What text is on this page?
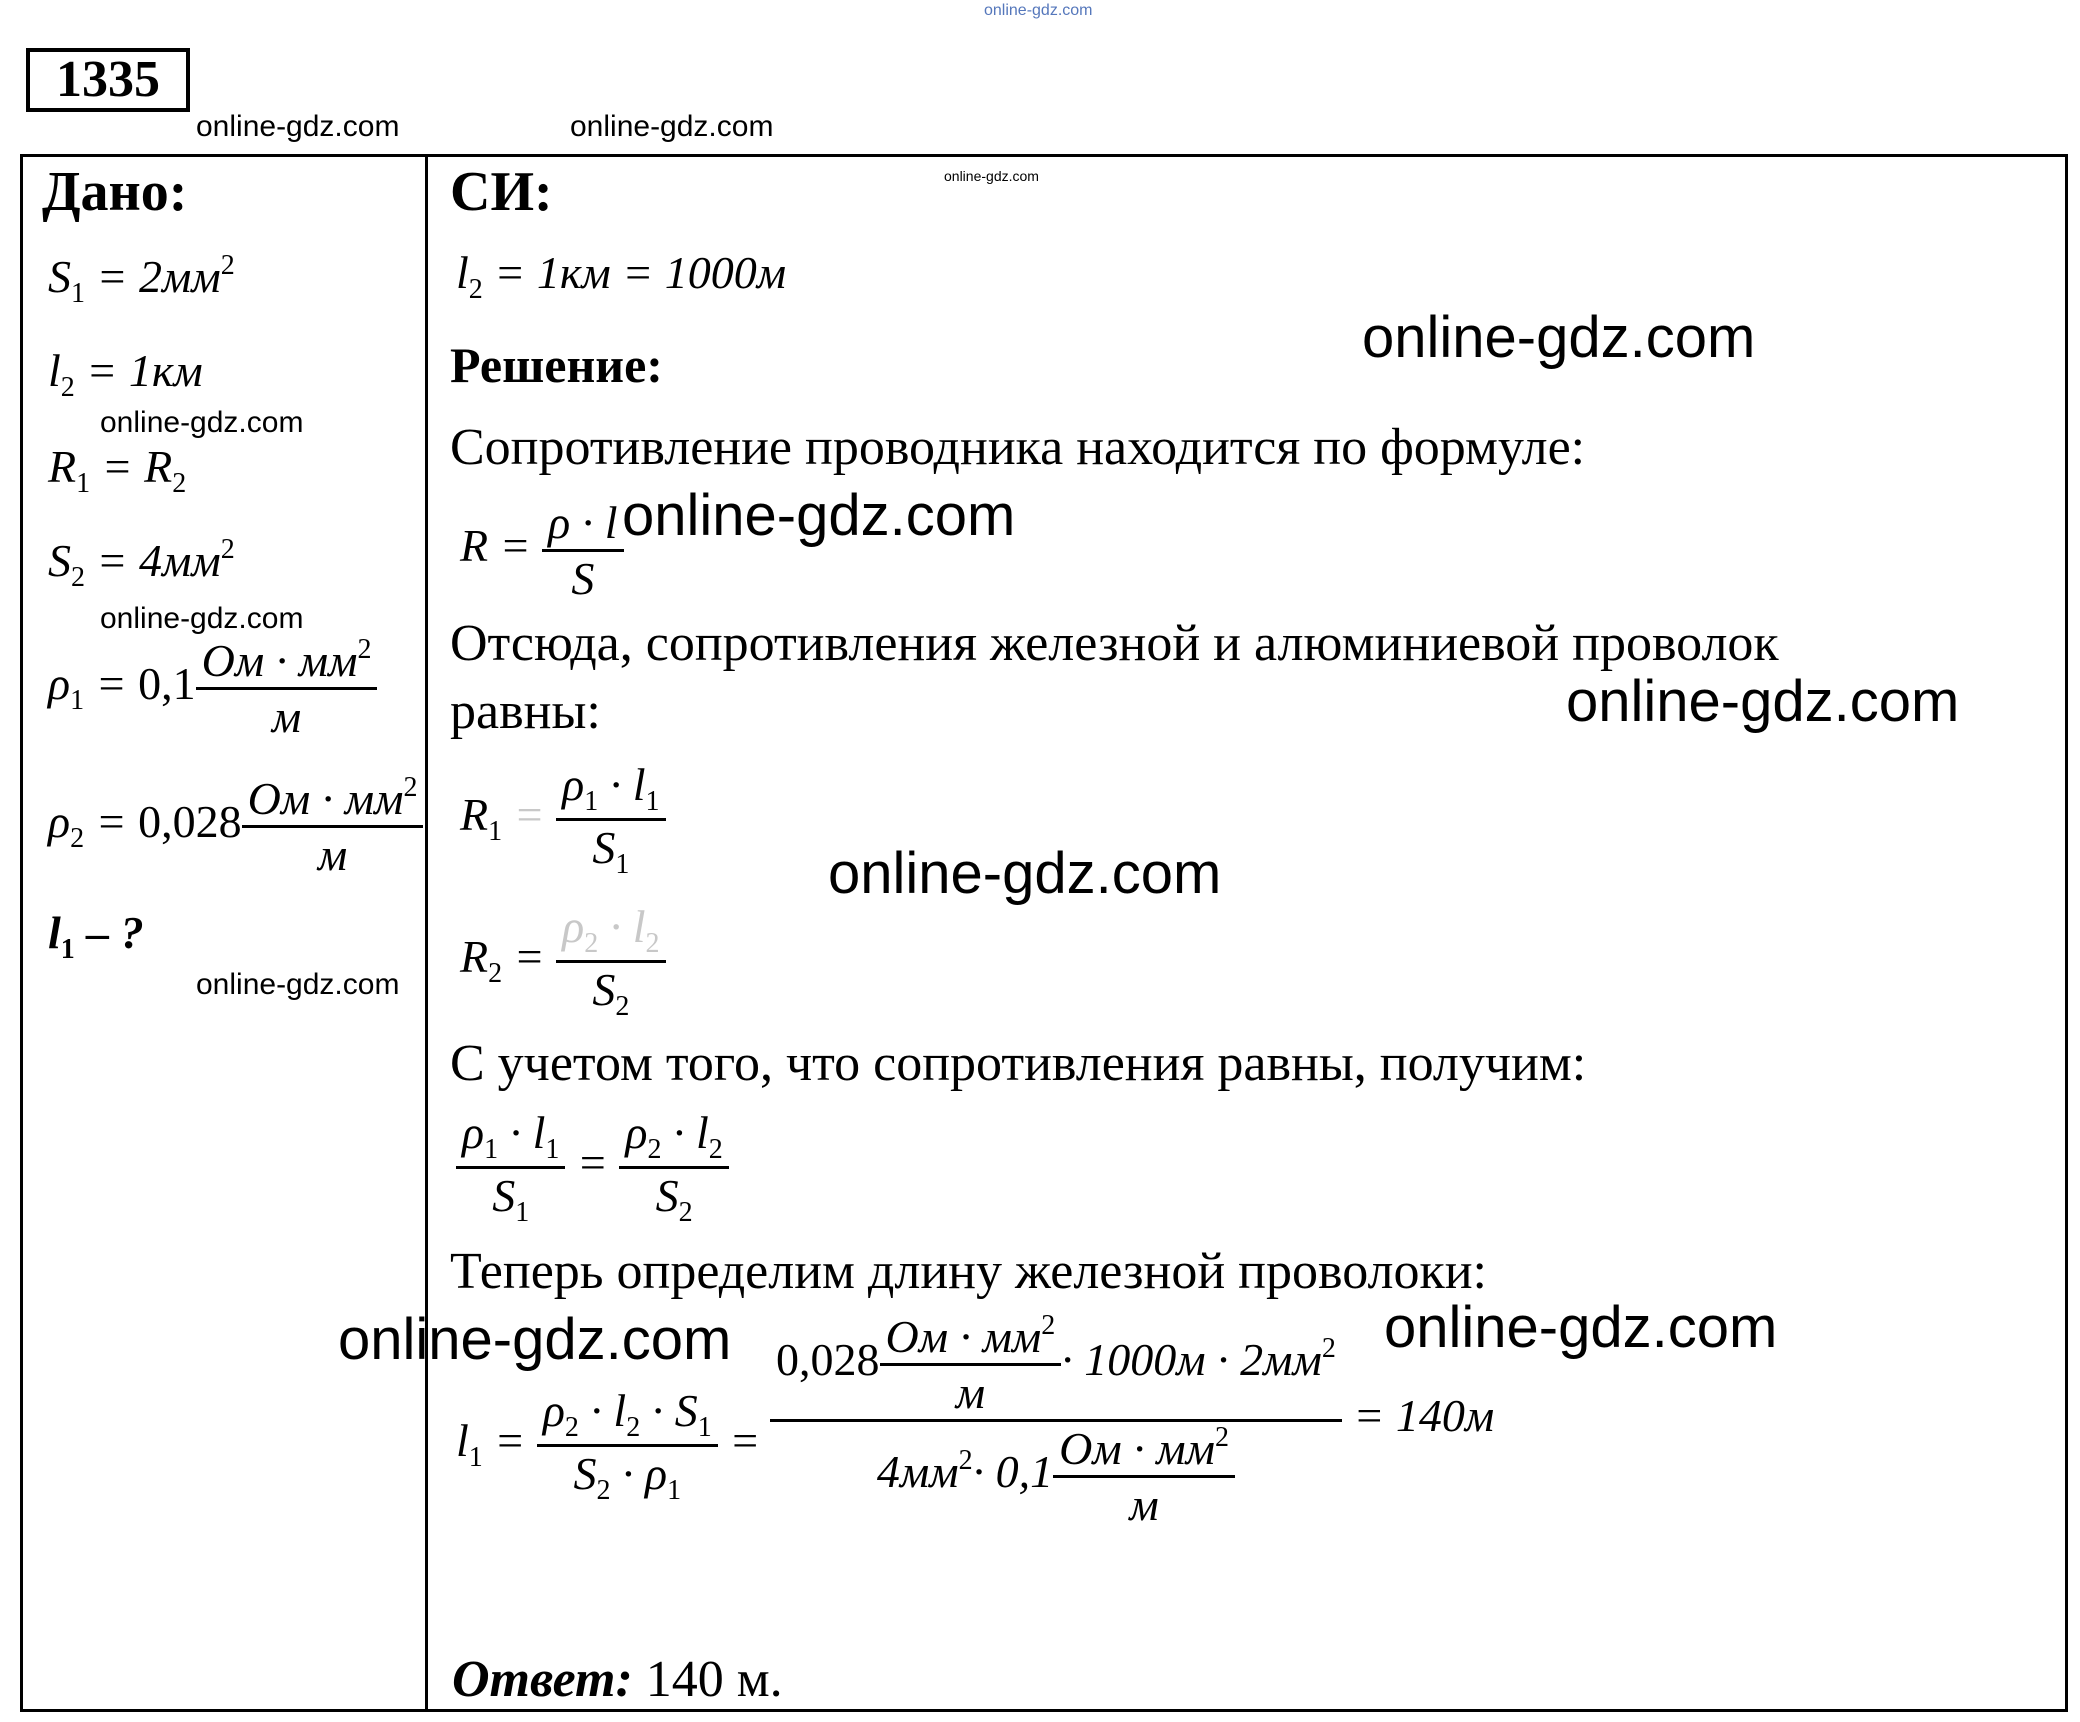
online-gdz.com
1335
online-gdz.com	online-gdz.com
Дано:
$S_1 = 2мм^2$
$l_2 = 1км$
online-gdz.com
$R_1 = R_2$
$S_2 = 4мм^2$
online-gdz.com
$\rho_1 = 0,1 \frac{Ом \cdot мм^2}{м}$
$\rho_2 = 0,028 \frac{Ом \cdot мм^2}{м}$
$l_1$ – ?
online-gdz.com
СИ:	online-gdz.com
$l_2 = 1км = 1000м$
Решение:	online-gdz.com
Сопротивление проводника находится по формуле:
$R = \frac{\rho \cdot l}{S}$
online-gdz.com
Отсюда, сопротивления железной и алюминиевой проволок
равны:	online-gdz.com
$R_1 = \frac{\rho_1 \cdot l_1}{S_1}$	online-gdz.com
$R_2 = \frac{\rho_2 \cdot l_2}{S_2}$
С учетом того, что сопротивления равны, получим:
$\frac{\rho_1 \cdot l_1}{S_1} = \frac{\rho_2 \cdot l_2}{S_2}$
Теперь определим длину железной проволоки:
online-gdz.com	online-gdz.com
$l_1 = \frac{\rho_2 \cdot l_2 \cdot S_1}{S_2 \cdot \rho_1} = \frac{0,028 \frac{Ом \cdot мм^2}{м} \cdot 1000м \cdot 2мм^2}{4мм^2\cdot 0,1 \frac{Ом \cdot мм^2}{м}} = 140м$
Ответ: 140 м.
